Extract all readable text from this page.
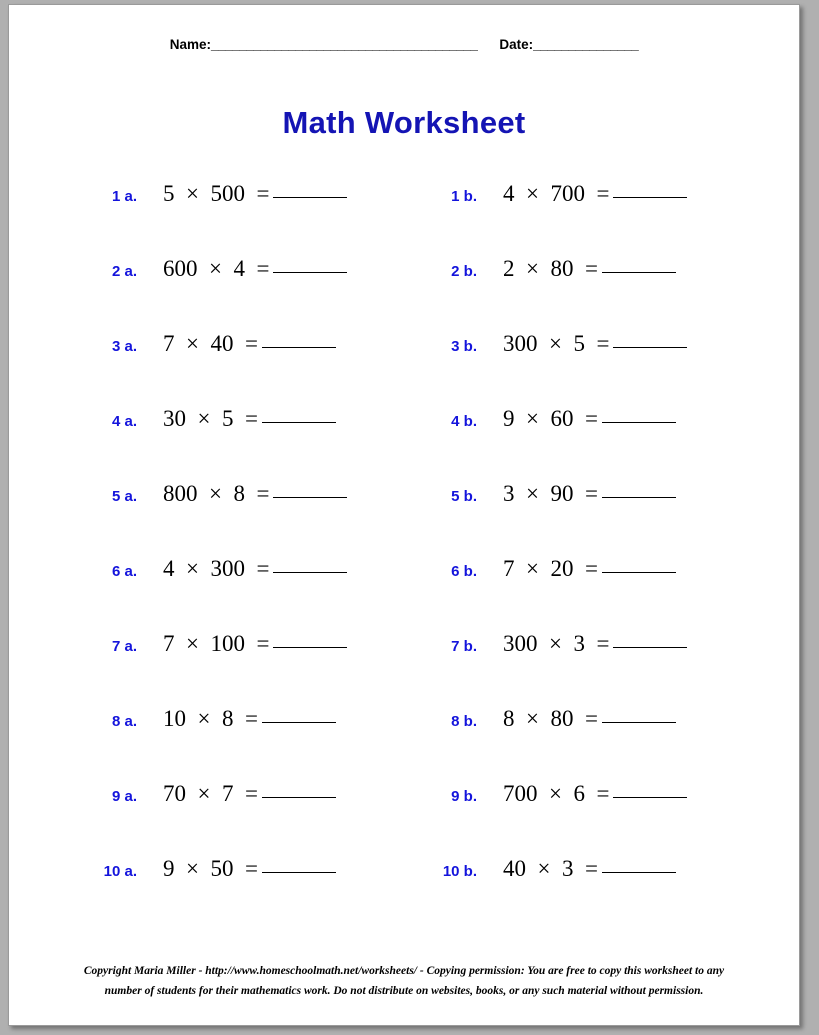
Name: ______________________________________ Date: _______________
Math Worksheet
1 a.	5  ×  500  =	1 b.	4  ×  700  =
2 a.	600  ×  4  =	2 b.	2  ×  80  =
3 a.	7  ×  40  =	3 b.	300  ×  5  =
4 a.	30  ×  5  =	4 b.	9  ×  60  =
5 a.	800  ×  8  =	5 b.	3  ×  90  =
6 a.	4  ×  300  =	6 b.	7  ×  20  =
7 a.	7  ×  100  =	7 b.	300  ×  3  =
8 a.	10  ×  8  =	8 b.	8  ×  80  =
9 a.	70  ×  7  =	9 b.	700  ×  6  =
10 a.	9  ×  50  =	10 b.	40  ×  3  =
Copyright Maria Miller - http://www.homeschoolmath.net/worksheets/ - Copying permission: You are free to copy this worksheet to any
number of students for their mathematics work. Do not distribute on websites, books, or any such material without permission.
